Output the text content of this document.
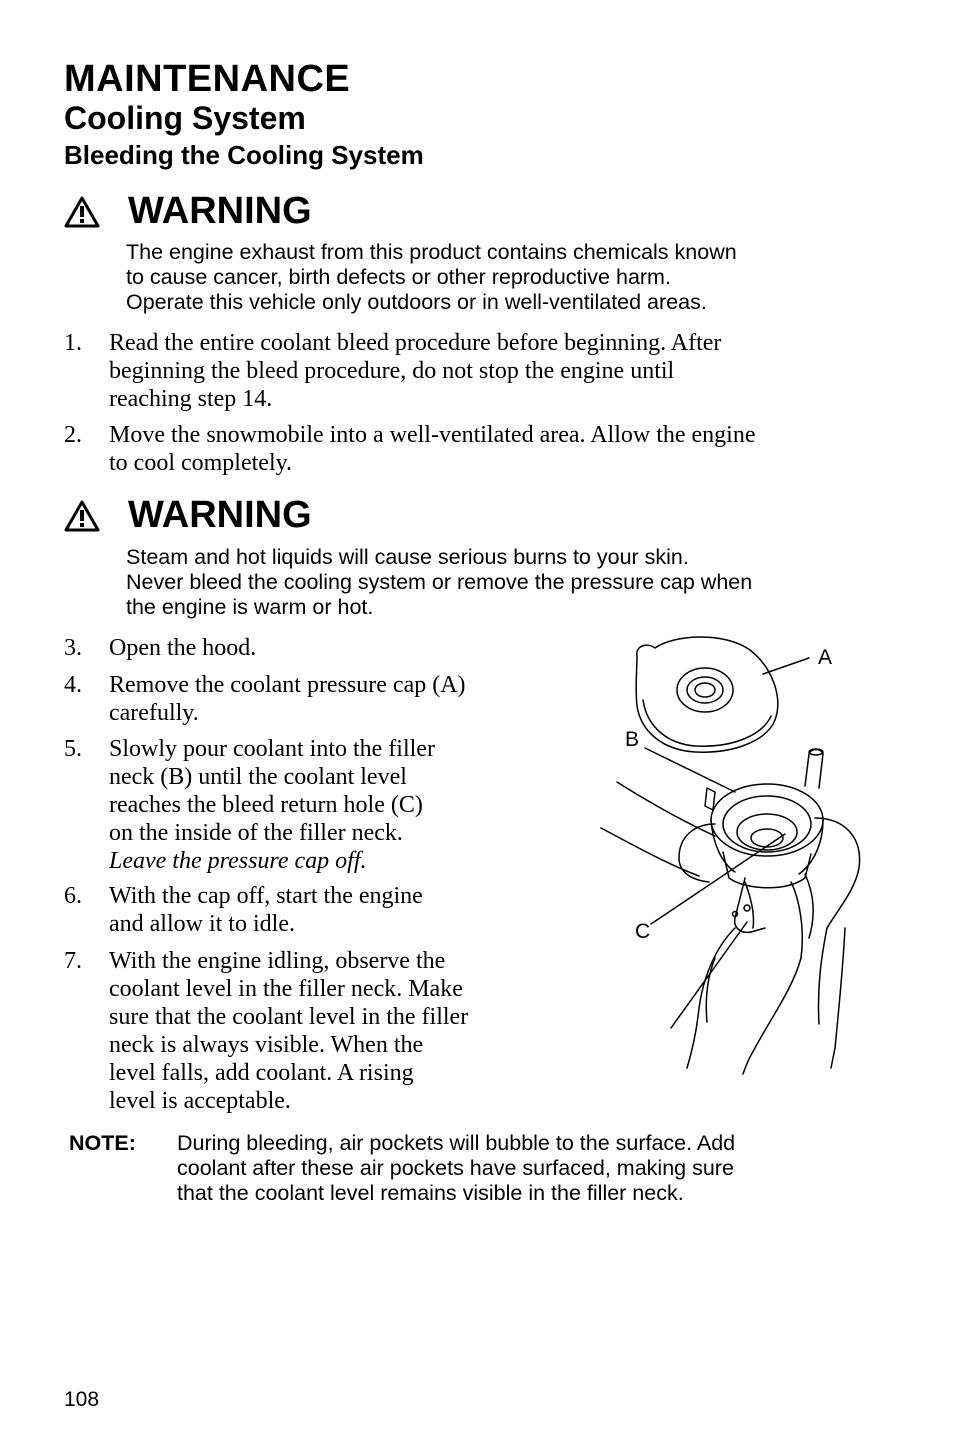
MAINTENANCE
Cooling System
Bleeding the Cooling System
WARNING
The engine exhaust from this product contains chemicals known
to cause cancer, birth defects or other reproductive harm.
Operate this vehicle only outdoors or in well-ventilated areas.
1. Read the entire coolant bleed procedure before beginning. After
beginning the bleed procedure, do not stop the engine until
reaching step 14.
2. Move the snowmobile into a well-ventilated area. Allow the engine
to cool completely.
WARNING
Steam and hot liquids will cause serious burns to your skin.
Never bleed the cooling system or remove the pressure cap when
the engine is warm or hot.
3. Open the hood.
4. Remove the coolant pressure cap (A)
carefully.
5. Slowly pour coolant into the filler
neck (B) until the coolant level
reaches the bleed return hole (C)
on the inside of the filler neck.
Leave the pressure cap off.
6. With the cap off, start the engine
and allow it to idle.
7. With the engine idling, observe the
coolant level in the filler neck. Make
sure that the coolant level in the filler
neck is always visible. When the
level falls, add coolant. A rising
level is acceptable.
A
B
C
NOTE: During bleeding, air pockets will bubble to the surface. Add
coolant after these air pockets have surfaced, making sure
that the coolant level remains visible in the filler neck.
108
